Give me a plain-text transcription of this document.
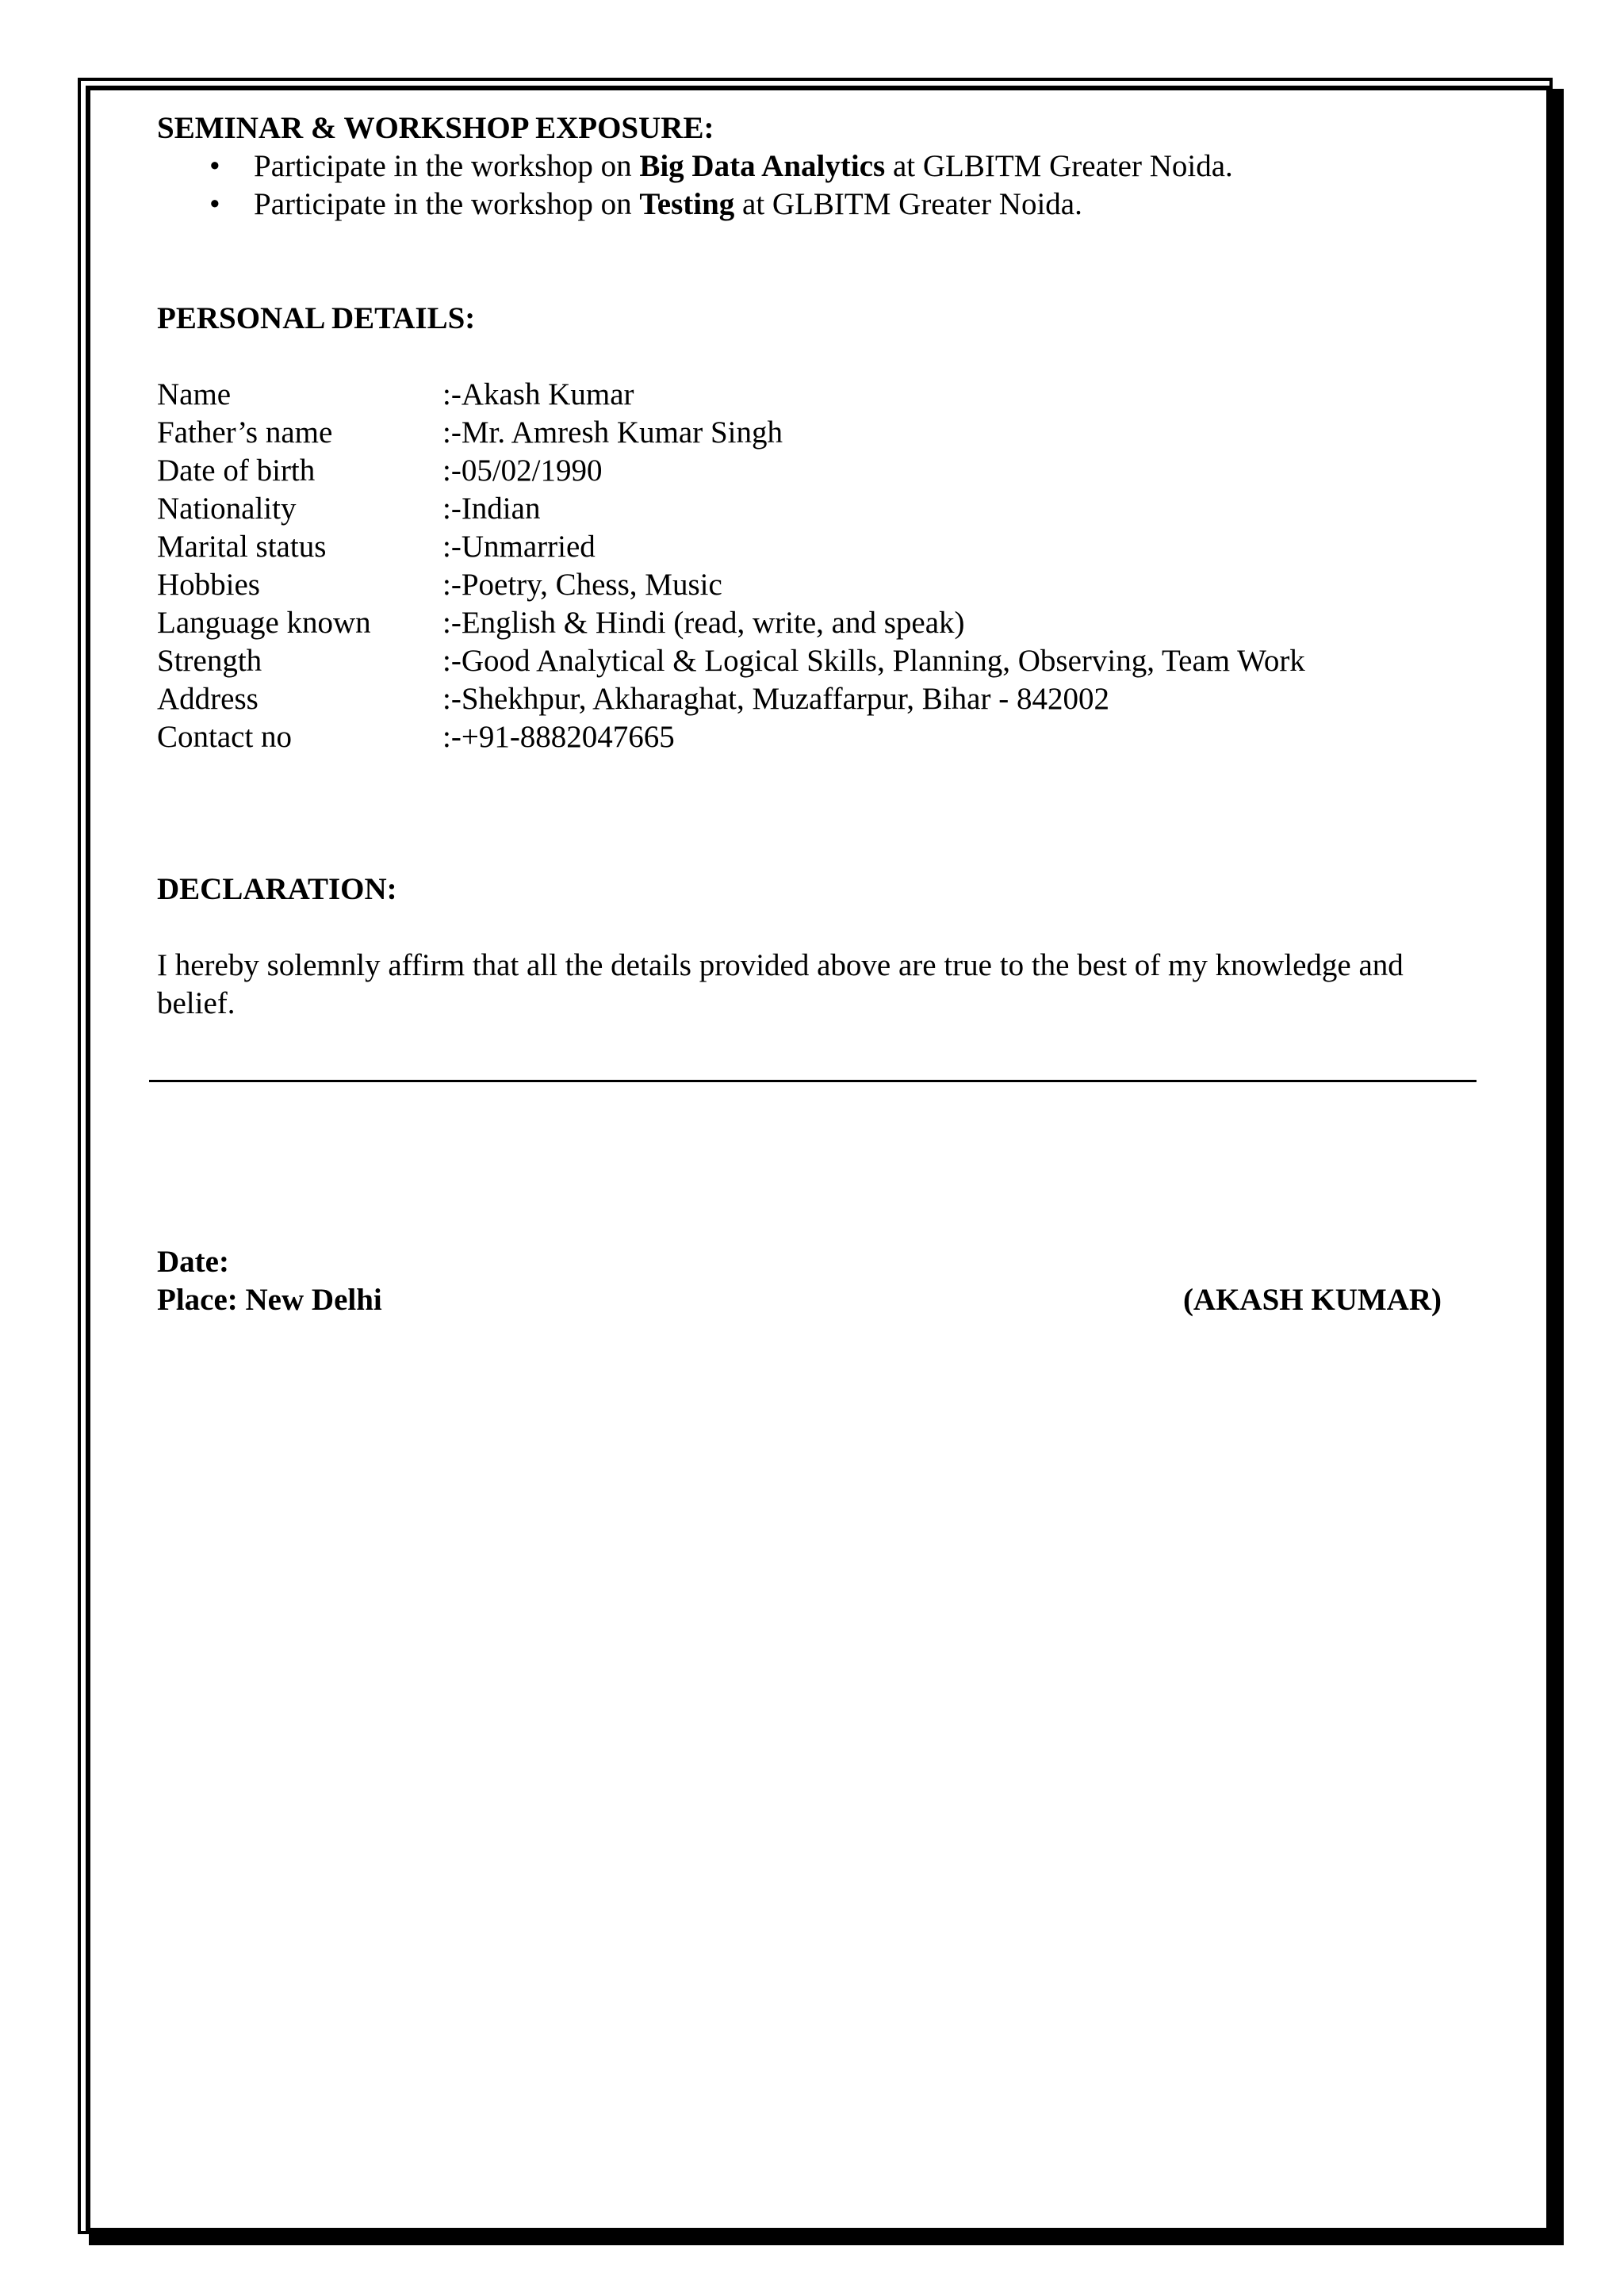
SEMINAR & WORKSHOP EXPOSURE:

• Participate in the workshop on Big Data Analytics at GLBITM Greater Noida.
• Participate in the workshop on Testing at GLBITM Greater Noida.

PERSONAL DETAILS:

Name	:-Akash Kumar
Father’s name	:-Mr. Amresh Kumar Singh
Date of birth	:-05/02/1990
Nationality	:-Indian
Marital status	:-Unmarried
Hobbies	:-Poetry, Chess, Music
Language known	:-English & Hindi (read, write, and speak)
Strength	:-Good Analytical & Logical Skills, Planning, Observing, Team Work
Address	:-Shekhpur, Akharaghat, Muzaffarpur, Bihar - 842002
Contact no	:-+91-8882047665

DECLARATION:

I hereby solemnly affirm that all the details provided above are true to the best of my knowledge and belief.

Date:
Place: New Delhi	(AKASH KUMAR)
